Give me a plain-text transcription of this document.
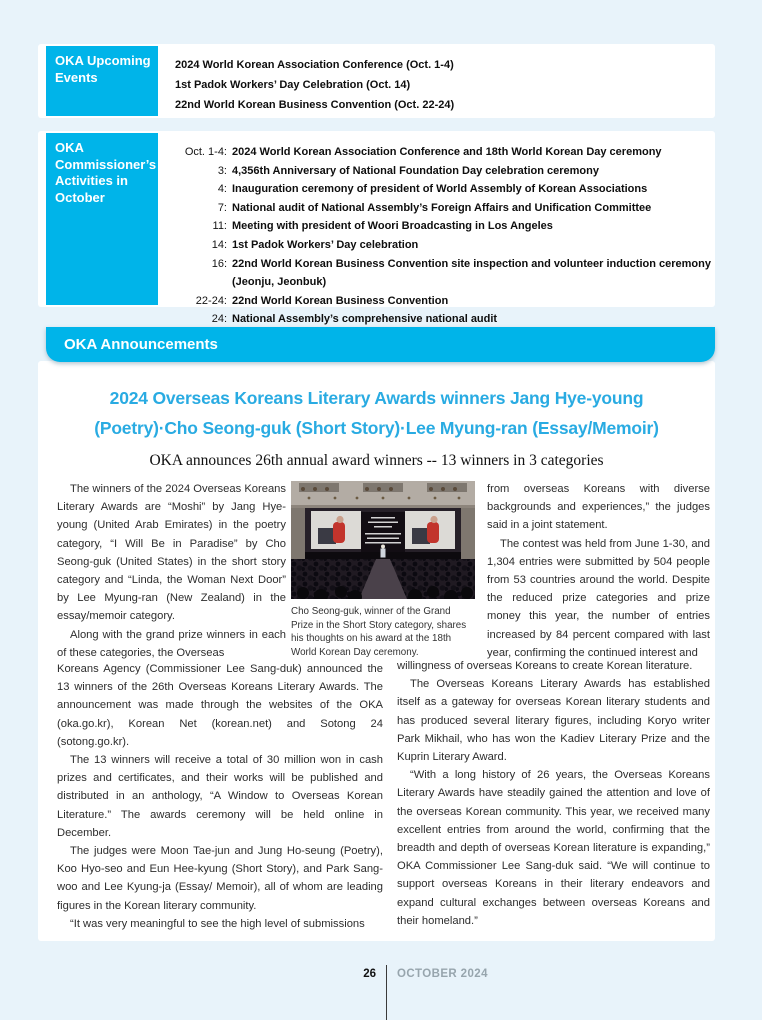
OKA Upcoming Events
2024 World Korean Association Conference (Oct. 1-4)
1st Padok Workers’ Day Celebration (Oct. 14)
22nd World Korean Business Convention (Oct. 22-24)
OKA Commissioner’s Activities in October
Oct. 1-4: 2024 World Korean Association Conference and 18th World Korean Day ceremony
3: 4,356th Anniversary of National Foundation Day celebration ceremony
4: Inauguration ceremony of president of World Assembly of Korean Associations
7: National audit of National Assembly’s Foreign Affairs and Unification Committee
11: Meeting with president of Woori Broadcasting in Los Angeles
14: 1st Padok Workers’ Day celebration
16: 22nd World Korean Business Convention site inspection and volunteer induction ceremony (Jeonju, Jeonbuk)
22-24: 22nd World Korean Business Convention
24: National Assembly’s comprehensive national audit
OKA Announcements
2024 Overseas Koreans Literary Awards winners Jang Hye-young
(Poetry)·Cho Seong-guk (Short Story)·Lee Myung-ran (Essay/Memoir)
OKA announces 26th annual award winners -- 13 winners in 3 categories

The winners of the 2024 Overseas Koreans Literary Awards are “Moshi” by Jang Hye-young (United Arab Emirates) in the poetry category, “I Will Be in Paradise” by Cho Seong-guk (United States) in the short story category and “Linda, the Woman Next Door” by Lee Myung-ran (New Zealand) in the essay/memoir category.

Along with the grand prize winners in each of these categories, the Overseas

Cho Seong-guk, winner of the Grand Prize in the Short Story category, shares his thoughts on his award at the 18th World Korean Day ceremony.

from overseas Koreans with diverse backgrounds and experiences,” the judges said in a joint statement.

The contest was held from June 1-30, and 1,304 entries were submitted by 504 people from 53 countries around the world. Despite the reduced prize categories and prize money this year, the number of entries increased by 84 percent compared with last year, confirming the continued interest and

Koreans Agency (Commissioner Lee Sang-duk) announced the 13 winners of the 26th Overseas Koreans Literary Awards. The announcement was made through the websites of the OKA (oka.go.kr), Korean Net (korean.net) and Sotong 24 (sotong.go.kr).

The 13 winners will receive a total of 30 million won in cash prizes and certificates, and their works will be published and distributed in an anthology, “A Window to Overseas Korean Literature.” The awards ceremony will be held online in December.

The judges were Moon Tae-jun and Jung Ho-seung (Poetry), Koo Hyo-seo and Eun Hee-kyung (Short Story), and Park Sang-woo and Lee Kyung-ja (Essay/ Memoir), all of whom are leading figures in the Korean literary community.

“It was very meaningful to see the high level of submissions

willingness of overseas Koreans to create Korean literature.

The Overseas Koreans Literary Awards has established itself as a gateway for overseas Korean literary students and has produced several literary figures, including Koryo writer Park Mikhail, who has won the Kadiev Literary Prize and the Kuprin Literary Award.

“With a long history of 26 years, the Overseas Koreans Literary Awards have steadily gained the attention and love of the overseas Korean community. This year, we received many excellent entries from around the world, confirming that the breadth and depth of overseas Korean literature is expanding,” OKA Commissioner Lee Sang-duk said. “We will continue to support overseas Koreans in their literary endeavors and expand cultural exchanges between overseas Koreans and their homeland.”

26 OCTOBER 2024
